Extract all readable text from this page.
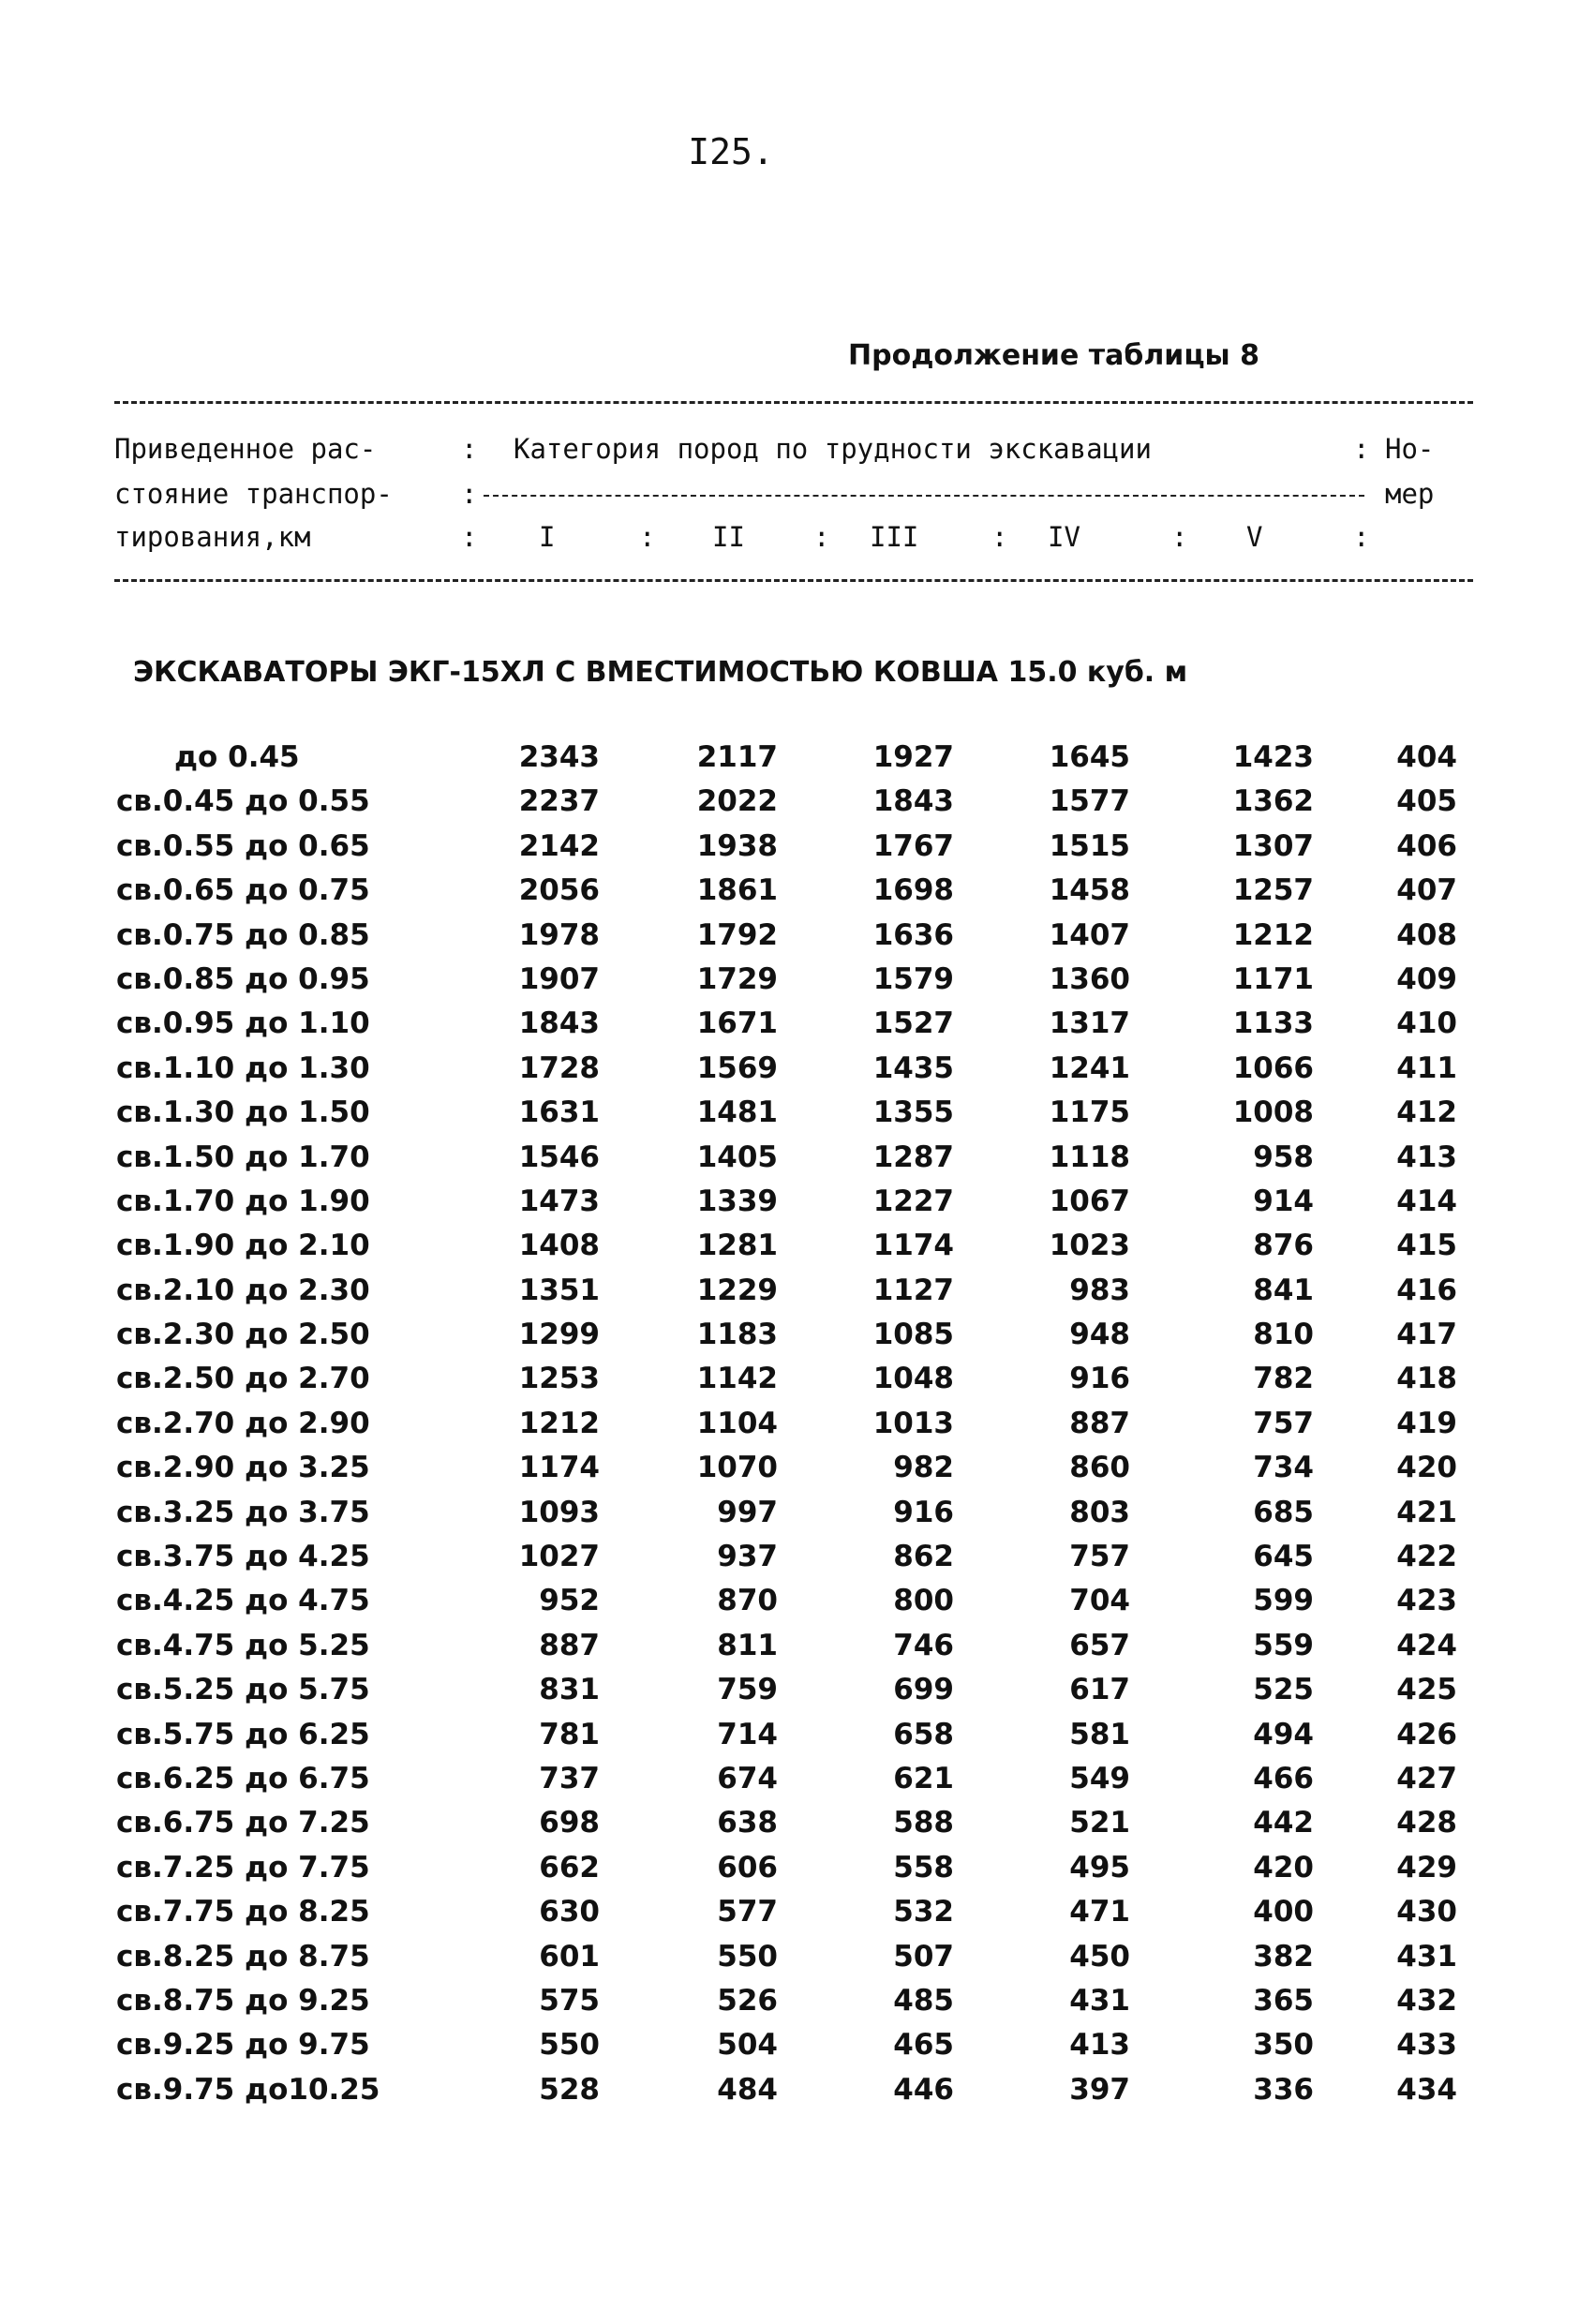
I25.
Продолжение таблицы 8
Приведенное рас-	: Категория пород по трудности экскавации	: Но-
стояние транспор-	:	мер
тирования,км	: I	: II	: III	: IV	: V	:
ЭКСКАВАТОРЫ ЭКГ-15ХЛ С ВМЕСТИМОСТЬЮ КОВША 15.0 куб. м
до 0.45	2343	2117	1927	1645	1423	404
св.0.45 до 0.55	2237	2022	1843	1577	1362	405
св.0.55 до 0.65	2142	1938	1767	1515	1307	406
св.0.65 до 0.75	2056	1861	1698	1458	1257	407
св.0.75 до 0.85	1978	1792	1636	1407	1212	408
св.0.85 до 0.95	1907	1729	1579	1360	1171	409
св.0.95 до 1.10	1843	1671	1527	1317	1133	410
св.1.10 до 1.30	1728	1569	1435	1241	1066	411
св.1.30 до 1.50	1631	1481	1355	1175	1008	412
св.1.50 до 1.70	1546	1405	1287	1118	958	413
св.1.70 до 1.90	1473	1339	1227	1067	914	414
св.1.90 до 2.10	1408	1281	1174	1023	876	415
св.2.10 до 2.30	1351	1229	1127	983	841	416
св.2.30 до 2.50	1299	1183	1085	948	810	417
св.2.50 до 2.70	1253	1142	1048	916	782	418
св.2.70 до 2.90	1212	1104	1013	887	757	419
св.2.90 до 3.25	1174	1070	982	860	734	420
св.3.25 до 3.75	1093	997	916	803	685	421
св.3.75 до 4.25	1027	937	862	757	645	422
св.4.25 до 4.75	952	870	800	704	599	423
св.4.75 до 5.25	887	811	746	657	559	424
св.5.25 до 5.75	831	759	699	617	525	425
св.5.75 до 6.25	781	714	658	581	494	426
св.6.25 до 6.75	737	674	621	549	466	427
св.6.75 до 7.25	698	638	588	521	442	428
св.7.25 до 7.75	662	606	558	495	420	429
св.7.75 до 8.25	630	577	532	471	400	430
св.8.25 до 8.75	601	550	507	450	382	431
св.8.75 до 9.25	575	526	485	431	365	432
св.9.25 до 9.75	550	504	465	413	350	433
св.9.75 до10.25	528	484	446	397	336	434
